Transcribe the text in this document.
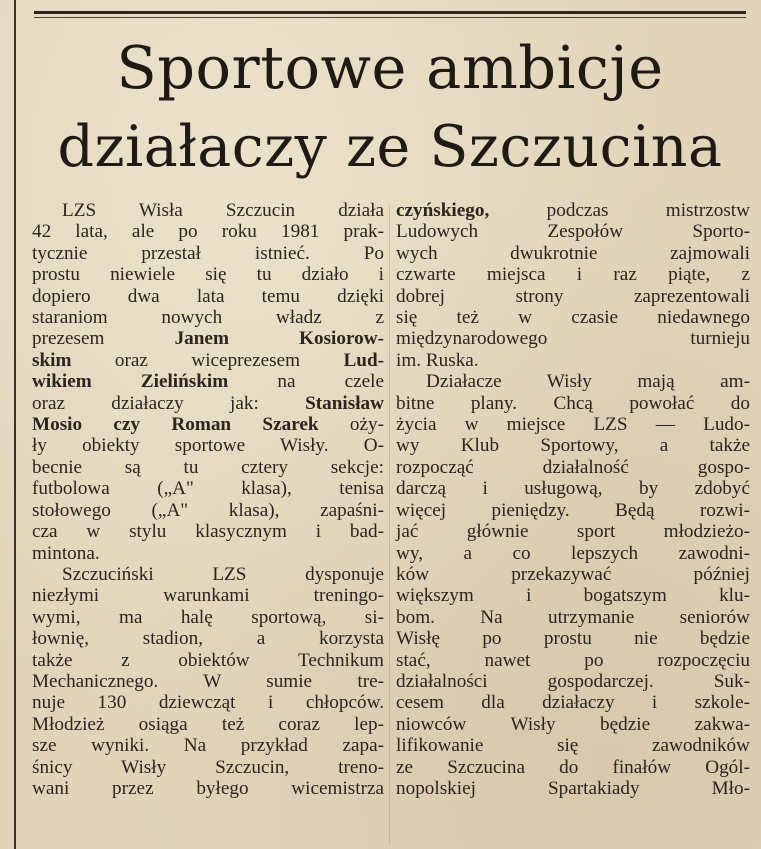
Sportowe ambicje
działaczy ze Szczucina
LZS Wisła Szczucin działa
42 lata, ale po roku 1981 prak-
tycznie przestał istnieć. Po
prostu niewiele się tu działo i
dopiero dwa lata temu dzięki
staraniom nowych władz z
prezesem Janem Kosiorow-
skim oraz wiceprezesem Lud-
wikiem Zielińskim na czele
oraz działaczy jak: Stanisław
Mosio czy Roman Szarek oży-
ły obiekty sportowe Wisły. O-
becnie są tu cztery sekcje:
futbolowa („A" klasa), tenisa
stołowego („A" klasa), zapaśni-
cza w stylu klasycznym i bad-
mintona.
Szczuciński LZS dysponuje
niezłymi warunkami treningo-
wymi, ma halę sportową, si-
łownię, stadion, a korzysta
także z obiektów Technikum
Mechanicznego. W sumie tre-
nuje 130 dziewcząt i chłopców.
Młodzież osiąga też coraz lep-
sze wyniki. Na przykład zapa-
śnicy Wisły Szczucin, treno-
wani przez byłego wicemistrza
czyńskiego, podczas mistrzostw
Ludowych Zespołów Sporto-
wych dwukrotnie zajmowali
czwarte miejsca i raz piąte, z
dobrej strony zaprezentowali
się też w czasie niedawnego
międzynarodowego turnieju
im. Ruska.
Działacze Wisły mają am-
bitne plany. Chcą powołać do
życia w miejsce LZS — Ludo-
wy Klub Sportowy, a także
rozpocząć działalność gospo-
darczą i usługową, by zdobyć
więcej pieniędzy. Będą rozwi-
jać głównie sport młodzieżo-
wy, a co lepszych zawodni-
ków przekazywać później
większym i bogatszym klu-
bom. Na utrzymanie seniorów
Wisłę po prostu nie będzie
stać, nawet po rozpoczęciu
działalności gospodarczej. Suk-
cesem dla działaczy i szkole-
niowców Wisły będzie zakwa-
lifikowanie się zawodników
ze Szczucina do finałów Ogól-
nopolskiej Spartakiady Mło-
